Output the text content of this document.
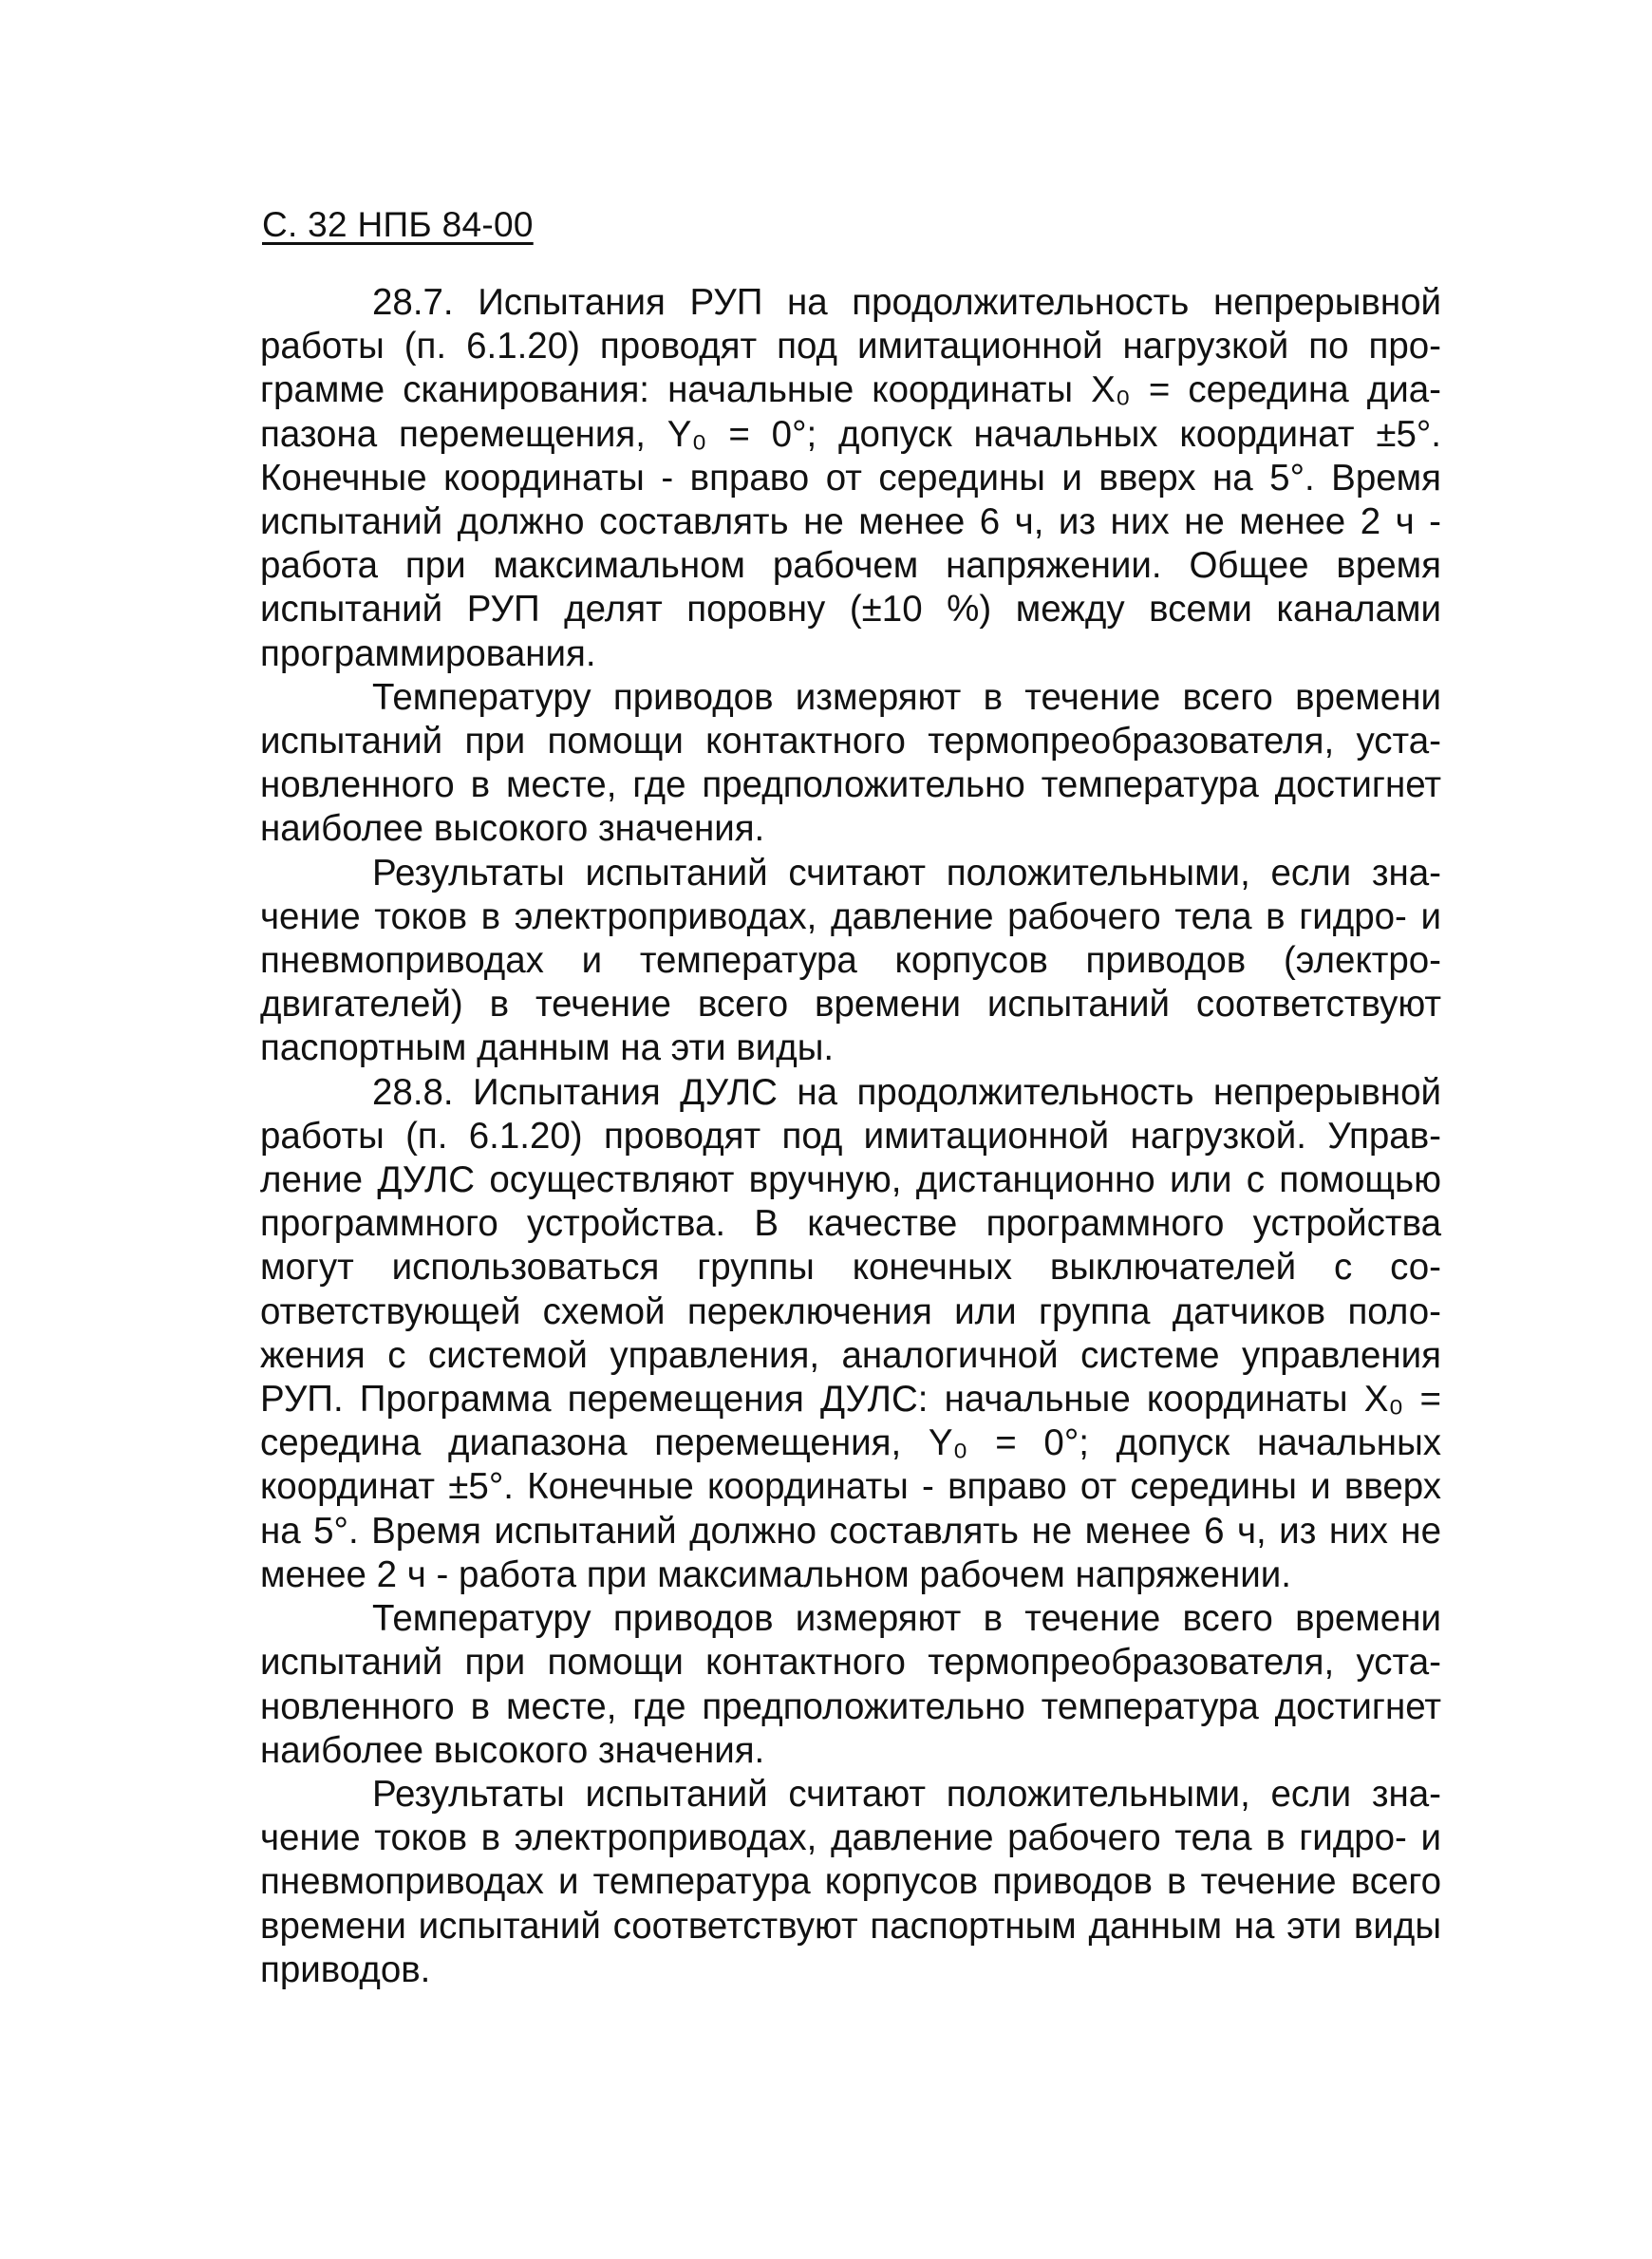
С. 32 НПБ 84-00

28.7. Испытания РУП на продолжительность непрерывной работы (п. 6.1.20) проводят под имитационной нагрузкой по программе сканирования: начальные координаты X₀ = середина диапазона перемещения, Y₀ = 0°; допуск начальных координат ±5°. Конечные координаты - вправо от середины и вверх на 5°. Время испытаний должно составлять не менее 6 ч, из них не менее 2 ч - работа при максимальном рабочем напряжении. Общее время испытаний РУП делят поровну (±10 %) между всеми каналами программирования.

Температуру приводов измеряют в течение всего времени испытаний при помощи контактного термопреобразователя, установленного в месте, где предположительно температура достигнет наиболее высокого значения.

Результаты испытаний считают положительными, если значение токов в электроприводах, давление рабочего тела в гидро- и пневмоприводах и температура корпусов приводов (электродвигателей) в течение всего времени испытаний соответствуют паспортным данным на эти виды.

28.8. Испытания ДУЛС на продолжительность непрерывной работы (п. 6.1.20) проводят под имитационной нагрузкой. Управление ДУЛС осуществляют вручную, дистанционно или с помощью программного устройства. В качестве программного устройства могут использоваться группы конечных выключателей с соответствующей схемой переключения или группа датчиков положения с системой управления, аналогичной системе управления РУП. Программа перемещения ДУЛС: начальные координаты X₀ = середина диапазона перемещения, Y₀ = 0°; допуск начальных координат ±5°. Конечные координаты - вправо от середины и вверх на 5°. Время испытаний должно составлять не менее 6 ч, из них не менее 2 ч - работа при максимальном рабочем напряжении.

Температуру приводов измеряют в течение всего времени испытаний при помощи контактного термопреобразователя, установленного в месте, где предположительно температура достигнет наиболее высокого значения.

Результаты испытаний считают положительными, если значение токов в электроприводах, давление рабочего тела в гидро- и пневмоприводах и температура корпусов приводов в течение всего времени испытаний соответствуют паспортным данным на эти виды приводов.
